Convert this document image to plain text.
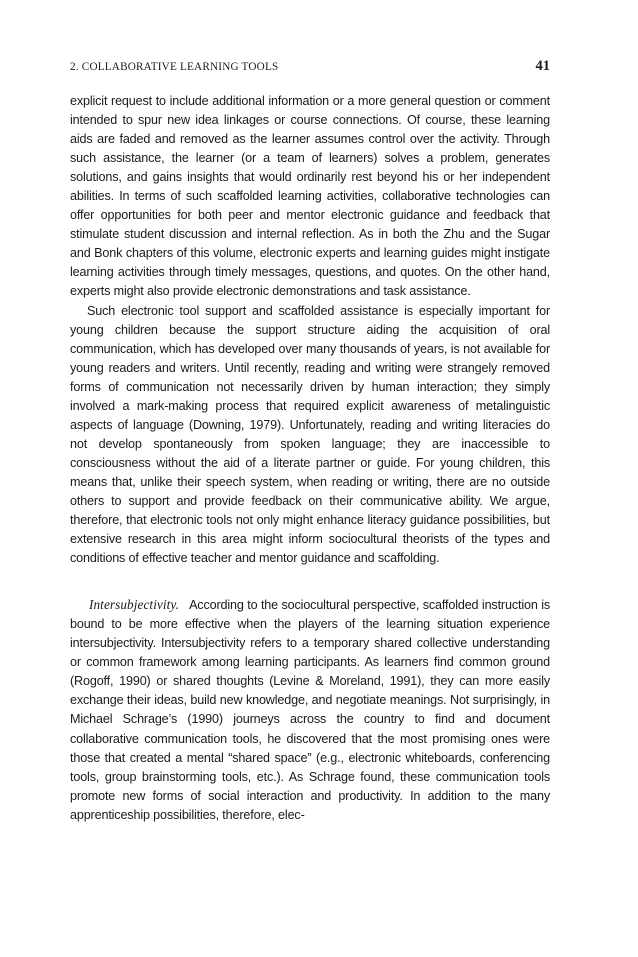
2. COLLABORATIVE LEARNING TOOLS	41

explicit request to include additional information or a more general question or comment intended to spur new idea linkages or course connections. Of course, these learning aids are faded and removed as the learner assumes control over the activity. Through such assistance, the learner (or a team of learners) solves a problem, generates solutions, and gains insights that would ordinarily rest beyond his or her independent abilities. In terms of such scaffolded learning activities, collaborative technologies can offer opportunities for both peer and mentor electronic guidance and feedback that stimulate student discussion and internal reflection. As in both the Zhu and the Sugar and Bonk chapters of this volume, electronic experts and learning guides might instigate learning activities through timely messages, questions, and quotes. On the other hand, experts might also provide electronic demonstrations and task assistance.

Such electronic tool support and scaffolded assistance is especially important for young children because the support structure aiding the acquisition of oral communication, which has developed over many thousands of years, is not available for young readers and writers. Until recently, reading and writing were strangely removed forms of communication not necessarily driven by human interaction; they simply involved a mark-making process that required explicit awareness of metalinguistic aspects of language (Downing, 1979). Unfortunately, reading and writing literacies do not develop spontaneously from spoken language; they are inaccessible to consciousness without the aid of a literate partner or guide. For young children, this means that, unlike their speech system, when reading or writing, there are no outside others to support and provide feedback on their communicative ability. We argue, therefore, that electronic tools not only might enhance literacy guidance possibilities, but extensive research in this area might inform sociocultural theorists of the types and conditions of effective teacher and mentor guidance and scaffolding.

Intersubjectivity. According to the sociocultural perspective, scaffolded instruction is bound to be more effective when the players of the learning situation experience intersubjectivity. Intersubjectivity refers to a temporary shared collective understanding or common framework among learning participants. As learners find common ground (Rogoff, 1990) or shared thoughts (Levine & Moreland, 1991), they can more easily exchange their ideas, build new knowledge, and negotiate meanings. Not surprisingly, in Michael Schrage’s (1990) journeys across the country to find and document collaborative communication tools, he discovered that the most promising ones were those that created a mental “shared space” (e.g., electronic whiteboards, conferencing tools, group brainstorming tools, etc.). As Schrage found, these communication tools promote new forms of social interaction and productivity. In addition to the many apprenticeship possibilities, therefore, elec-
